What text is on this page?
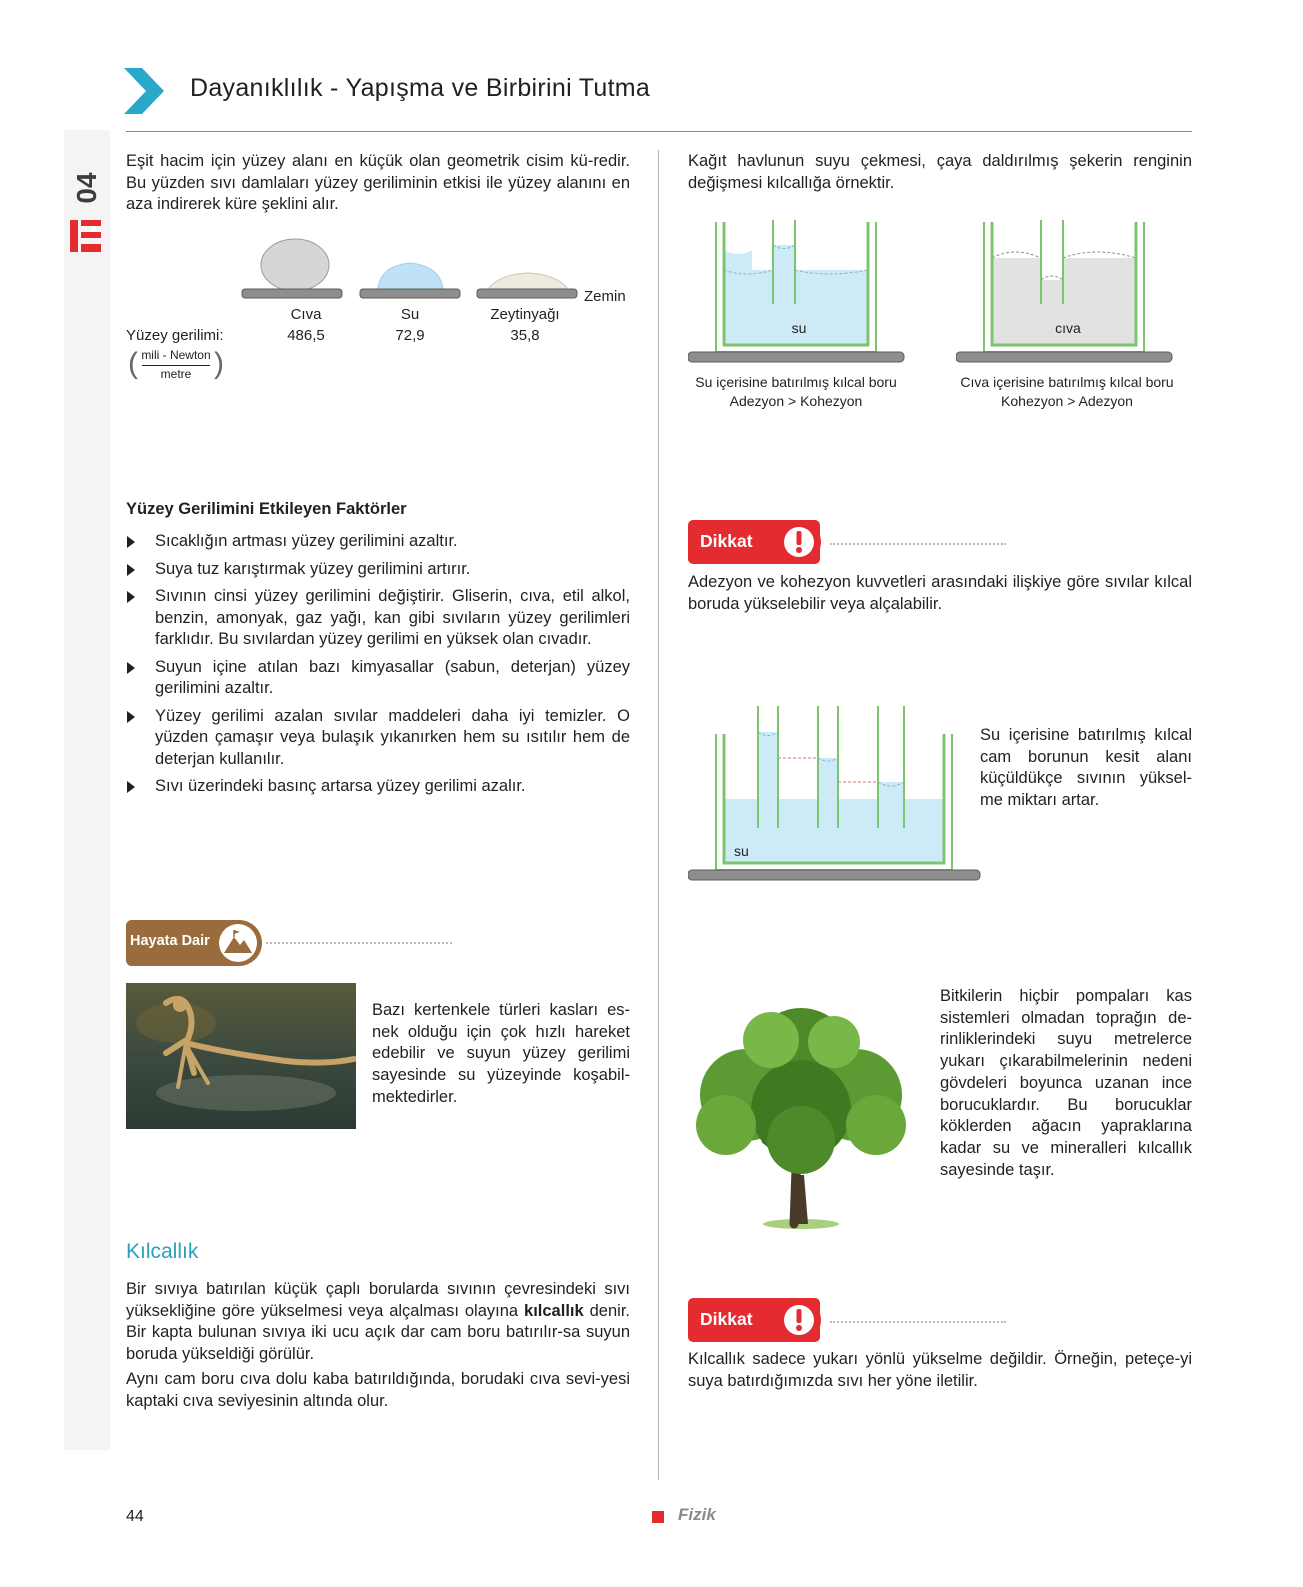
04
Dayanıklılık - Yapışma ve Birbirini Tutma
Eşit hacim için yüzey alanı en küçük olan geometrik cisim kü-redir. Bu yüzden sıvı damlaları yüzey geriliminin etkisi ile yüzey alanını en aza indirerek küre şeklini alır.
Zemin
Cıva	Su	Zeytinyağı
Yüzey gerilimi:	486,5	72,9	35,8
(	)
mili - Newton
metre
Yüzey Gerilimini Etkileyen Faktörler
Sıcaklığın artması yüzey gerilimini azaltır.
Suya tuz karıştırmak yüzey gerilimini artırır.
Sıvının cinsi yüzey gerilimini değiştirir. Gliserin, cıva, etil alkol, benzin, amonyak, gaz yağı, kan gibi sıvıların yüzey gerilimleri farklıdır. Bu sıvılardan yüzey gerilimi en yüksek olan cıvadır.
Suyun içine atılan bazı kimyasallar (sabun, deterjan) yüzey gerilimini azaltır.
Yüzey gerilimi azalan sıvılar maddeleri daha iyi temizler. O yüzden çamaşır veya bulaşık yıkanırken hem su ısıtılır hem de deterjan kullanılır.
Sıvı üzerindeki basınç artarsa yüzey gerilimi azalır.
Hayata Dair
Bazı kertenkele türleri kasları es-nek olduğu için çok hızlı hareket edebilir ve suyun yüzey gerilimi sayesinde su yüzeyinde koşabil-mektedirler.
Kılcallık
Bir sıvıya batırılan küçük çaplı borularda sıvının çevresindeki sıvı yüksekliğine göre yükselmesi veya alçalması olayına kılcallık denir. Bir kapta bulunan sıvıya iki ucu açık dar cam boru batırılır-sa suyun boruda yükseldiği görülür.
Aynı cam boru cıva dolu kaba batırıldığında, borudaki cıva sevi-yesi kaptaki cıva seviyesinin altında olur.
Kağıt havlunun suyu çekmesi, çaya daldırılmış şekerin renginin değişmesi kılcallığa örnektir.
su
Su içerisine batırılmış kılcal boru
Adezyon > Kohezyon
cıva
Cıva içerisine batırılmış kılcal boru
Kohezyon > Adezyon
Dikkat
Adezyon ve kohezyon kuvvetleri arasındaki ilişkiye göre sıvılar kılcal boruda yükselebilir veya alçalabilir.
su
Su içerisine batırılmış kılcal cam borunun kesit alanı küçüldükçe sıvının yüksel-me miktarı artar.
Bitkilerin hiçbir pompaları kas sistemleri olmadan toprağın de-rinliklerindeki suyu metrelerce yukarı çıkarabilmelerinin nedeni gövdeleri boyunca uzanan ince borucuklardır. Bu borucuklar köklerden ağacın yapraklarına kadar su ve mineralleri kılcallık sayesinde taşır.
Dikkat
Kılcallık sadece yukarı yönlü yükselme değildir. Örneğin, peteçe-yi suya batırdığımızda sıvı her yöne iletilir.
44	Fizik
